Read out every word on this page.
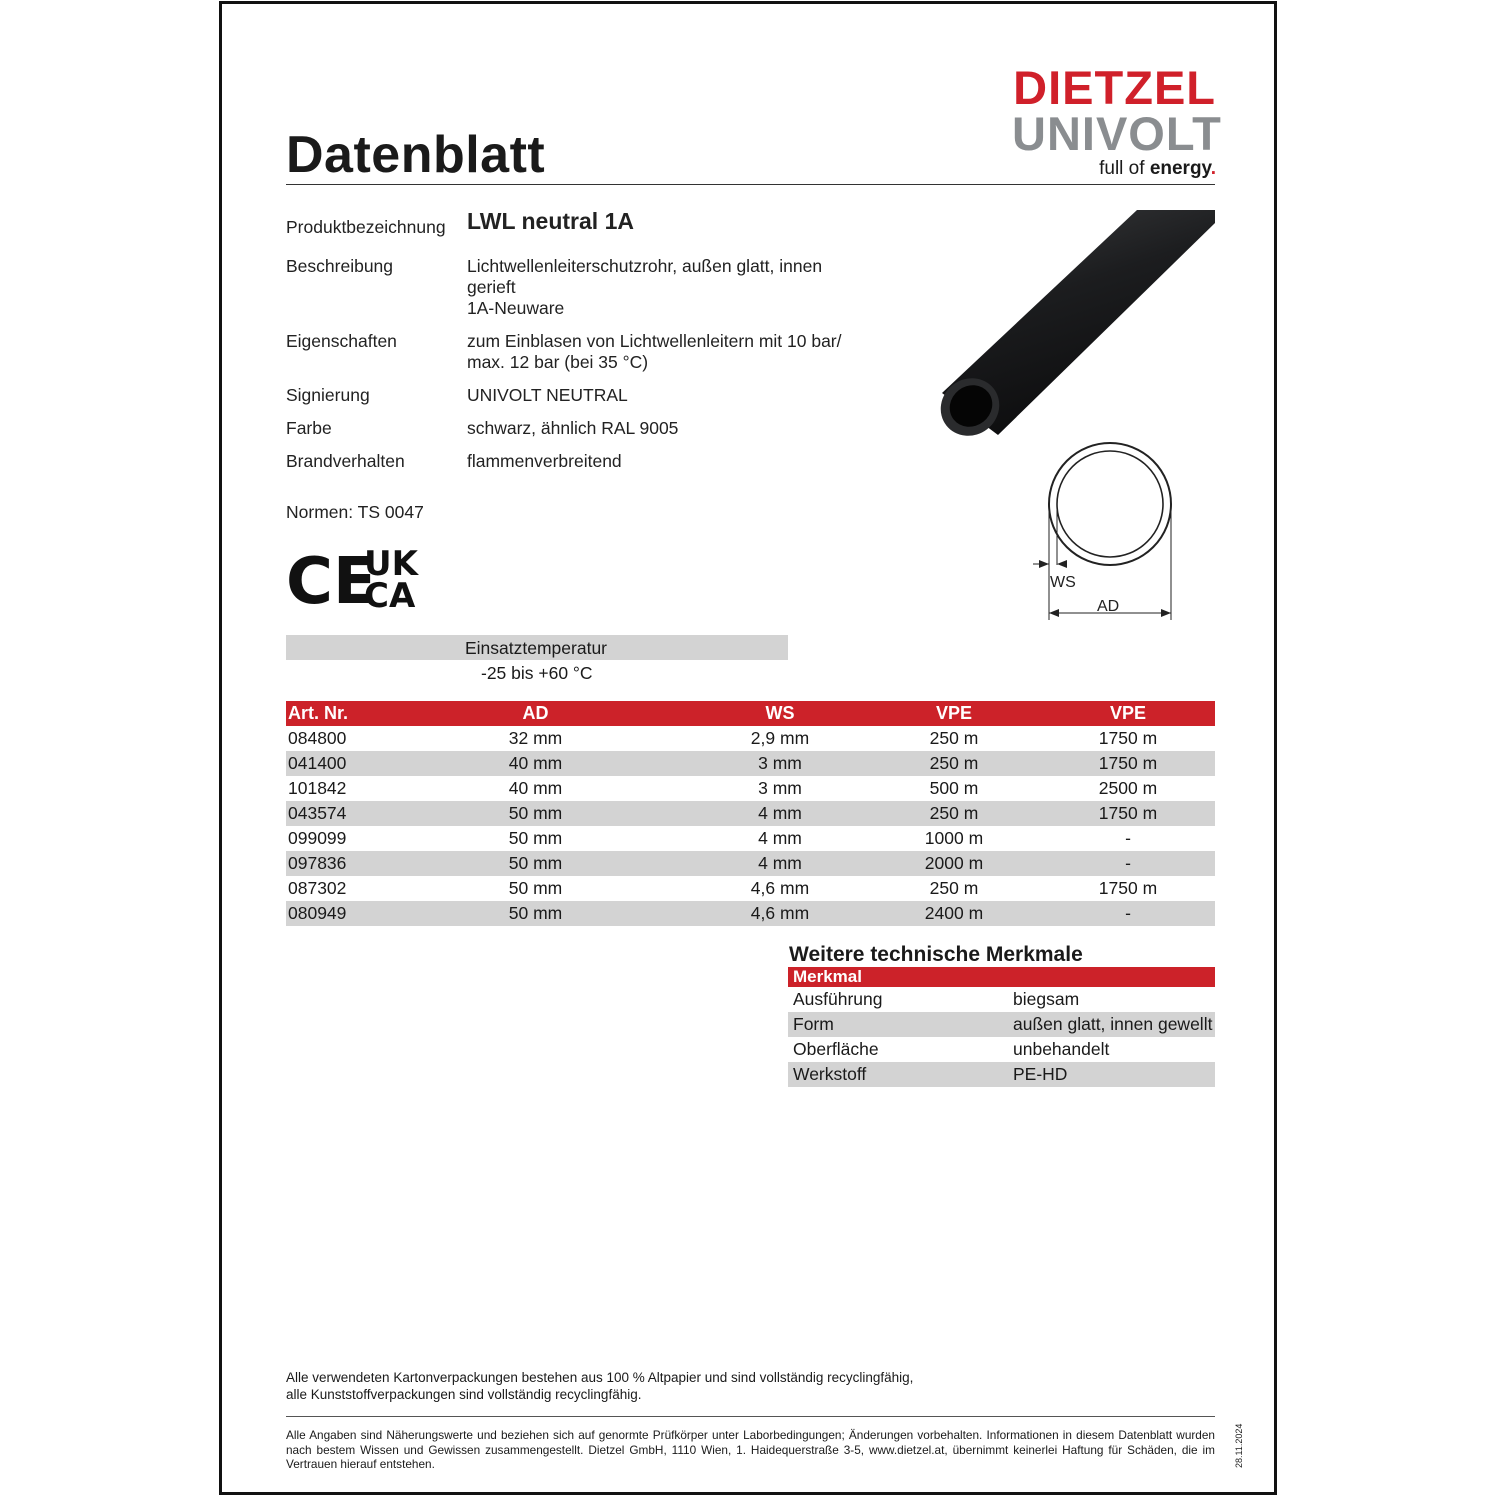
Datenblatt
DIETZEL
UNIVOLT
full of energy.
Produktbezeichnung LWL neutral 1A
Beschreibung	Lichtwellenleiterschutzrohr, außen glatt, innen
gerieft
1A-Neuware
Eigenschaften	zum Einblasen von Lichtwellenleitern mit 10 bar/
max. 12 bar (bei 35 °C)
Signierung	UNIVOLT NEUTRAL
Farbe	schwarz, ähnlich RAL 9005
Brandverhalten	flammenverbreitend
Normen: TS 0047
CE
UK
CA	WS
AD
Einsatztemperatur
-25 bis +60 °C
Art. Nr.	AD	WS	VPE	VPE
084800	32 mm	2,9 mm	250 m	1750 m
041400	40 mm	3 mm	250 m	1750 m
101842	40 mm	3 mm	500 m	2500 m
043574	50 mm	4 mm	250 m	1750 m
099099	50 mm	4 mm	1000 m	-
097836	50 mm	4 mm	2000 m	-
087302	50 mm	4,6 mm	250 m	1750 m
080949	50 mm	4,6 mm	2400 m	-
Weitere technische Merkmale
Merkmal	
Ausführung	biegsam
Form	außen glatt, innen gewellt
Oberfläche	unbehandelt
Werkstoff	PE-HD
Alle verwendeten Kartonverpackungen bestehen aus 100 % Altpapier und sind vollständig recyclingfähig,
alle Kunststoffverpackungen sind vollständig recyclingfähig.
Alle Angaben sind Näherungswerte und beziehen sich auf genormte Prüfkörper unter Laborbedingungen; Änderungen vorbehalten. Informationen in diesem Datenblatt wurden nach bestem Wissen und Gewissen zusammengestellt. Dietzel GmbH, 1110 Wien, 1. Haidequerstraße 3-5, www.dietzel.at, übernimmt keinerlei Haftung für Schäden, die im Vertrauen hierauf entstehen.	28.11.2024
